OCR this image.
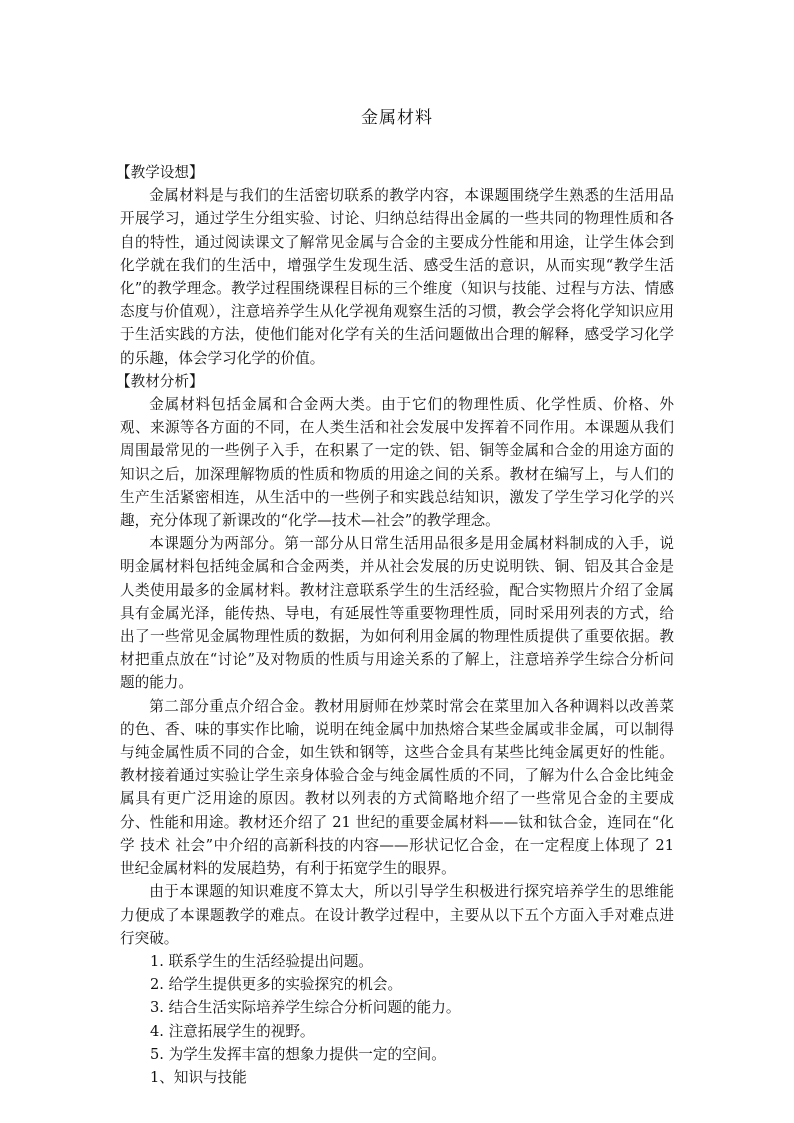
金属材料

【教学设想】

金属材料是与我们的生活密切联系的教学内容，本课题围绕学生熟悉的生活用品开展学习，通过学生分组实验、讨论、归纳总结得出金属的一些共同的物理性质和各自的特性，通过阅读课文了解常见金属与合金的主要成分性能和用途，让学生体会到化学就在我们的生活中，增强学生发现生活、感受生活的意识，从而实现“教学生活化”的教学理念。教学过程围绕课程目标的三个维度（知识与技能、过程与方法、情感态度与价值观），注意培养学生从化学视角观察生活的习惯，教会学会将化学知识应用于生活实践的方法，使他们能对化学有关的生活问题做出合理的解释，感受学习化学的乐趣，体会学习化学的价值。

【教材分析】

金属材料包括金属和合金两大类。由于它们的物理性质、化学性质、价格、外观、来源等各方面的不同，在人类生活和社会发展中发挥着不同作用。本课题从我们周围最常见的一些例子入手，在积累了一定的铁、铝、铜等金属和合金的用途方面的知识之后，加深理解物质的性质和物质的用途之间的关系。教材在编写上，与人们的生产生活紧密相连，从生活中的一些例子和实践总结知识，激发了学生学习化学的兴趣，充分体现了新课改的“化学—技术—社会”的教学理念。

本课题分为两部分。第一部分从日常生活用品很多是用金属材料制成的入手，说明金属材料包括纯金属和合金两类，并从社会发展的历史说明铁、铜、铝及其合金是人类使用最多的金属材料。教材注意联系学生的生活经验，配合实物照片介绍了金属具有金属光泽，能传热、导电，有延展性等重要物理性质，同时采用列表的方式，给出了一些常见金属物理性质的数据，为如何利用金属的物理性质提供了重要依据。教材把重点放在“讨论”及对物质的性质与用途关系的了解上，注意培养学生综合分析问题的能力。

第二部分重点介绍合金。教材用厨师在炒菜时常会在菜里加入各种调料以改善菜的色、香、味的事实作比喻，说明在纯金属中加热熔合某些金属或非金属，可以制得与纯金属性质不同的合金，如生铁和钢等，这些合金具有某些比纯金属更好的性能。教材接着通过实验让学生亲身体验合金与纯金属性质的不同，了解为什么合金比纯金属具有更广泛用途的原因。教材以列表的方式简略地介绍了一些常见合金的主要成分、性能和用途。教材还介绍了 21 世纪的重要金属材料——钛和钛合金，连同在“化学 技术 社会”中介绍的高新科技的内容——形状记忆合金，在一定程度上体现了 21 世纪金属材料的发展趋势，有利于拓宽学生的眼界。

由于本课题的知识难度不算太大，所以引导学生积极进行探究培养学生的思维能力便成了本课题教学的难点。在设计教学过程中，主要从以下五个方面入手对难点进行突破。

1. 联系学生的生活经验提出问题。

2. 给学生提供更多的实验探究的机会。

3. 结合生活实际培养学生综合分析问题的能力。

4. 注意拓展学生的视野。

5. 为学生发挥丰富的想象力提供一定的空间。

1、知识与技能
